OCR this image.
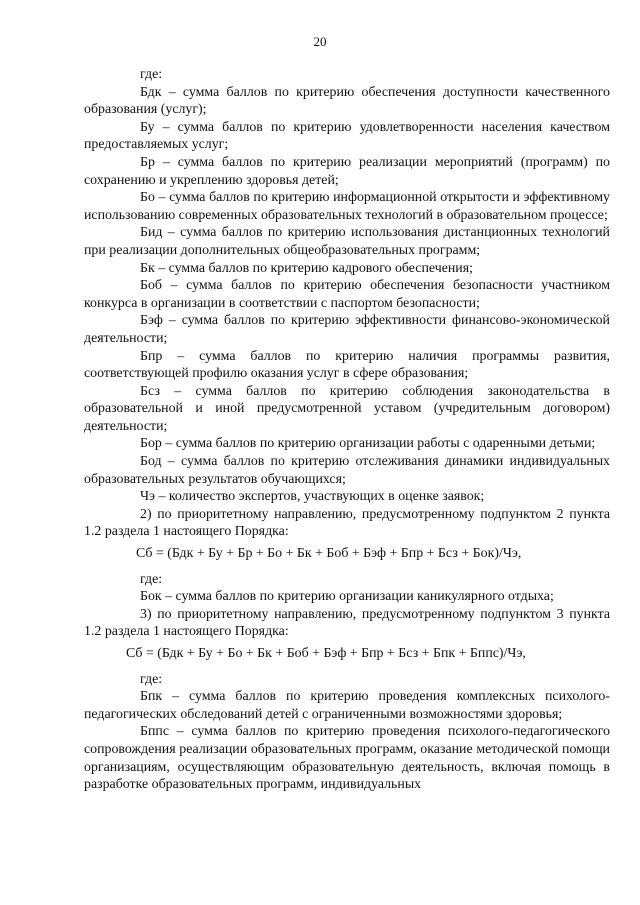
20

где:

Бдк – сумма баллов по критерию обеспечения доступности качественного образования (услуг);

Бу – сумма баллов по критерию удовлетворенности населения качеством предоставляемых услуг;

Бр – сумма баллов по критерию реализации мероприятий (программ) по сохранению и укреплению здоровья детей;

Бо – сумма баллов по критерию информационной открытости и эффективному использованию современных образовательных технологий в образовательном процессе;

Бид – сумма баллов по критерию использования дистанционных технологий при реализации дополнительных общеобразовательных программ;

Бк – сумма баллов по критерию кадрового обеспечения;

Боб – сумма баллов по критерию обеспечения безопасности участником конкурса в организации в соответствии с паспортом безопасности;

Бэф – сумма баллов по критерию эффективности финансово-экономической деятельности;

Бпр – сумма баллов по критерию наличия программы развития, соответствующей профилю оказания услуг в сфере образования;

Бсз – сумма баллов по критерию соблюдения законодательства в образовательной и иной предусмотренной уставом (учредительным договором) деятельности;

Бор – сумма баллов по критерию организации работы с одаренными детьми;

Бод – сумма баллов по критерию отслеживания динамики индивидуальных образовательных результатов обучающихся;

Чэ – количество экспертов, участвующих в оценке заявок;

2) по приоритетному направлению, предусмотренному подпунктом 2 пункта 1.2 раздела 1 настоящего Порядка:

Сб = (Бдк + Бу + Бр + Бо + Бк + Боб + Бэф + Бпр + Бсз + Бок)/Чэ,

где:

Бок – сумма баллов по критерию организации каникулярного отдыха;

3) по приоритетному направлению, предусмотренному подпунктом 3 пункта 1.2 раздела 1 настоящего Порядка:

Сб = (Бдк + Бу + Бо + Бк + Боб + Бэф + Бпр + Бсз + Бпк + Бппс)/Чэ,

где:

Бпк – сумма баллов по критерию проведения комплексных психолого-педагогических обследований детей с ограниченными возможностями здоровья;

Бппс – сумма баллов по критерию проведения психолого-педагогического сопровождения реализации образовательных программ, оказание методической помощи организациям, осуществляющим образовательную деятельность, включая помощь в разработке образовательных программ, индивидуальных
